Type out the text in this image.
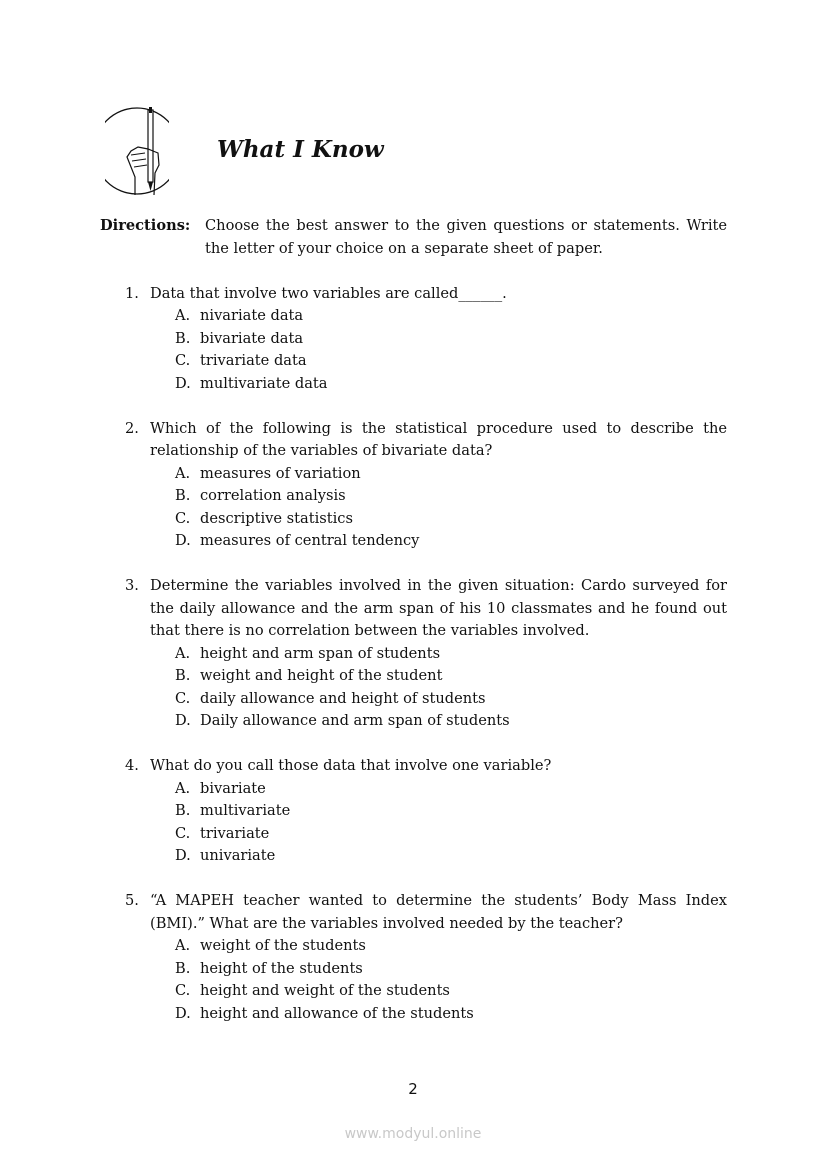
What I Know
Directions:	Choose the best answer to the given questions or statements. Write the letter of your choice on a separate sheet of paper.
1. Data that involve two variables are called______.
A. nivariate data
B. bivariate data
C. trivariate data
D. multivariate data
2. Which of the following is the statistical procedure used to describe the relationship of the variables of bivariate data?
A. measures of variation
B. correlation analysis
C. descriptive statistics
D. measures of central tendency
3. Determine the variables involved in the given situation: Cardo surveyed for the daily allowance and the arm span of his 10 classmates and he found out that there is no correlation between the variables involved.
A. height and arm span of students
B. weight and height of the student
C. daily allowance and height of students
D. Daily allowance and arm span of students
4. What do you call those data that involve one variable?
A. bivariate
B. multivariate
C. trivariate
D. univariate
5. “A MAPEH teacher wanted to determine the students’ Body Mass Index (BMI).” What are the variables involved needed by the teacher?
A. weight of the students
B. height of the students
C. height and weight of the students
D. height and allowance of the students
2
www.modyul.online
